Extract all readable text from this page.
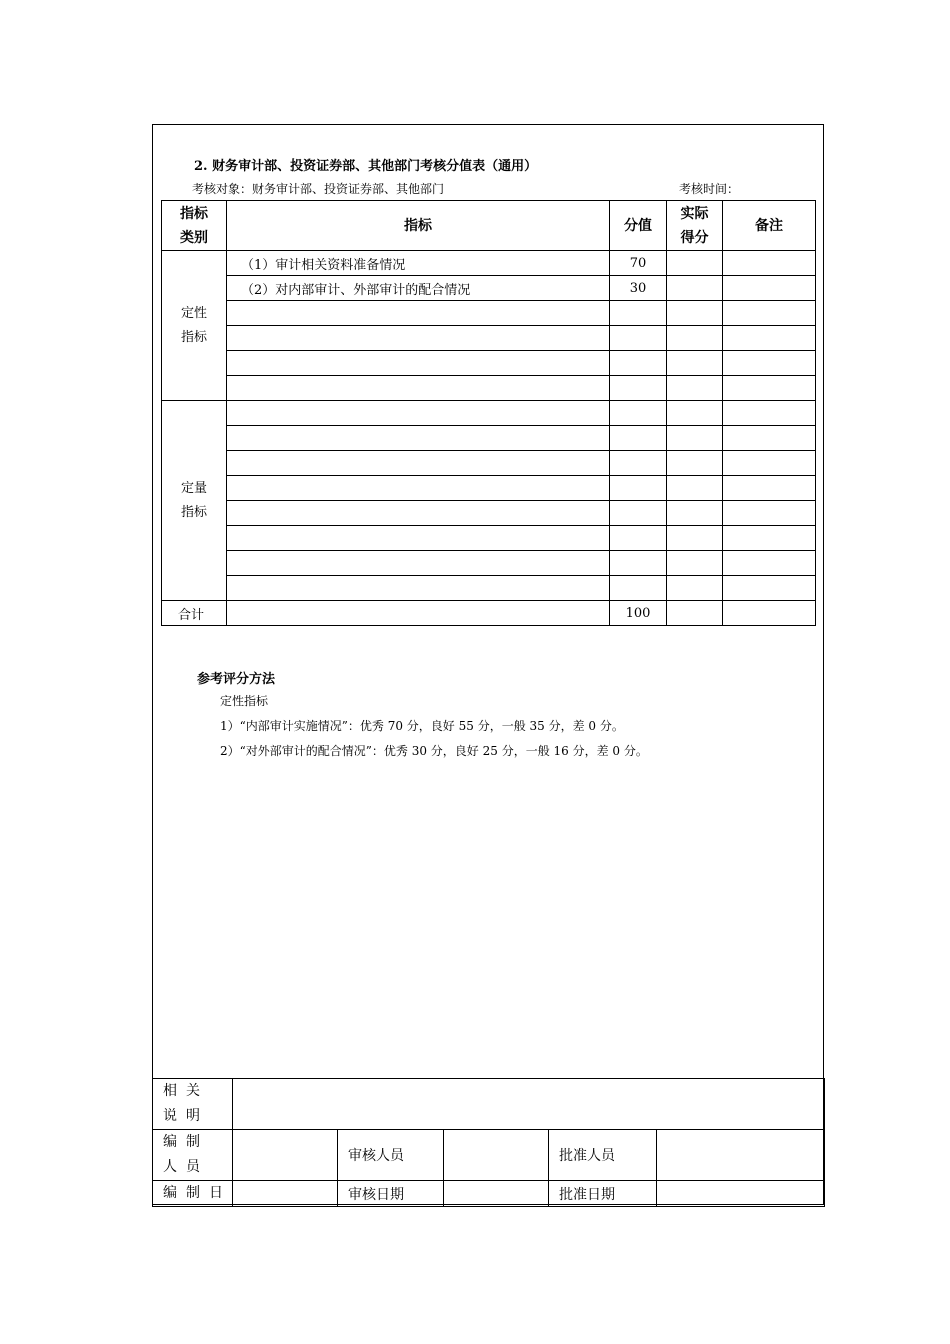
2. 财务审计部、投资证券部、其他部门考核分值表（通用）
考核对象：财务审计部、投资证券部、其他部门	考核时间：
指标类别	指标	分值	实际得分	备注

定性指标	（1）审计相关资料准备情况	70		
	（2）对内部审计、外部审计的配合情况	30		

定量指标				

合计		100		
参考评分方法
定性指标
1）“内部审计实施情况”：优秀 70 分，良好 55 分，一般 35 分，差 0 分。
2）“对外部审计的配合情况”：优秀 30 分，良好 25 分，一般 16 分，差 0 分。
相关说明					
编制人员		审核人员		批准人员	
编制日		审核日期		批准日期	
